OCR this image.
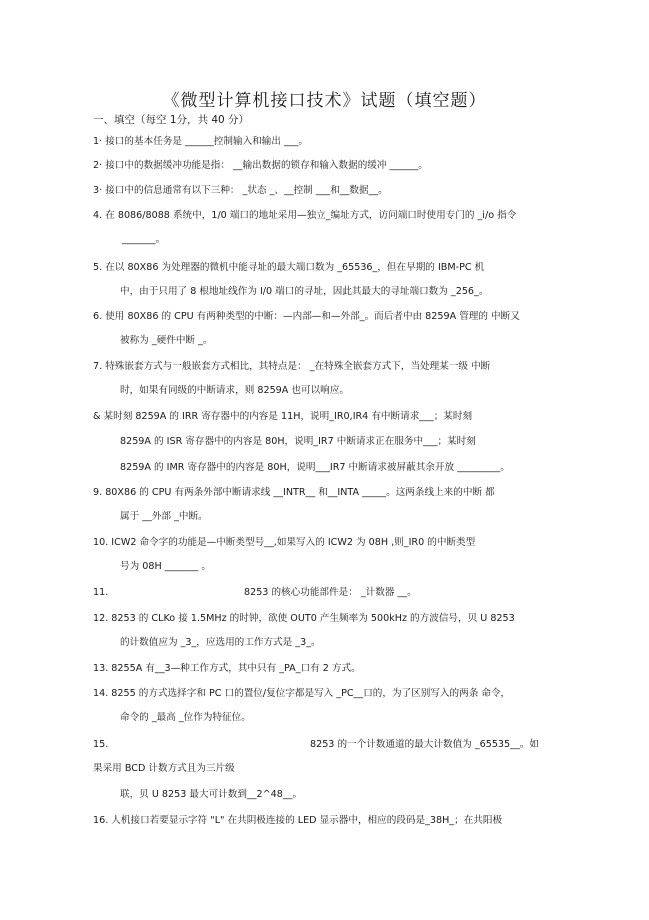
《微型计算机接口技术》试题（填空题）
一、填空（每空 1分，共 40 分）
1· 接口的基本任务是 ______控制输入和输出 ___。
2· 接口中的数据缓冲功能是指： __输出数据的锁存和输入数据的缓冲 ______。
3· 接口中的信息通常有以下三种： _状态 _、__控制 ___和__数据__。
4. 在 8086/8088 系统中，1/0 端口的地址采用—独立_编址方式，访问端口时使用专门的 _i/o 指令
_______。
5. 在以 80X86 为处理器的微机中能寻址的最大端口数为 _65536_，但在早期的 IBM-PC 机
中，由于只用了 8 根地址线作为 I/0 端口的寻址，因此其最大的寻址端口数为 _256_。
6. 使用 80X86 的 CPU 有两种类型的中断：—内部—和—外部_。而后者中由 8259A 管理的 中断又
被称为 _硬件中断 _。
7. 特殊嵌套方式与一般嵌套方式相比，其特点是： _在特殊全嵌套方式下，当处理某一级 中断
时，如果有同级的中断请求，则 8259A 也可以响应。
& 某时刻 8259A 的 IRR 寄存器中的内容是 11H，说明_IR0,IR4 有中断请求___；某时刻
8259A 的 ISR 寄存器中的内容是 80H，说明_IR7 中断请求正在服务中___；某时刻
8259A 的 IMR 寄存器中的内容是 80H，说明___IR7 中断请求被屏蔽其余开放 _________。
9. 80X86 的 CPU 有两条外部中断请求线 __INTR__ 和__INTA _____。这两条线上来的中断 都
属于 __外部 _中断。
10. ICW2 命令字的功能是—中断类型号__,如果写入的 ICW2 为 08H ,则_IR0 的中断类型
号为 08H _______ 。
11.	8253 的核心功能部件是： _计数器 __。
12. 8253 的 CLKo 接 1.5MHz 的时钟，欲使 OUT0 产生频率为 500kHz 的方波信号，贝 U 8253
的计数值应为 _3_，应选用的工作方式是 _3_。
13. 8255A 有__3—种工作方式，其中只有 _PA_口有 2 方式。
14. 8255 的方式选择字和 PC 口的置位/复位字都是写入 _PC__口的，为了区别写入的两条 命令，
命令的 _最高 _位作为特征位。
15.	8253 的一个计数通道的最大计数值为 _65535__。如
果采用 BCD 计数方式且为三片级
联，贝 U 8253 最大可计数到__2^48__。
16. 人机接口若要显示字符 "L" 在共阴极连接的 LED 显示器中，相应的段码是_38H_；在共阳极
